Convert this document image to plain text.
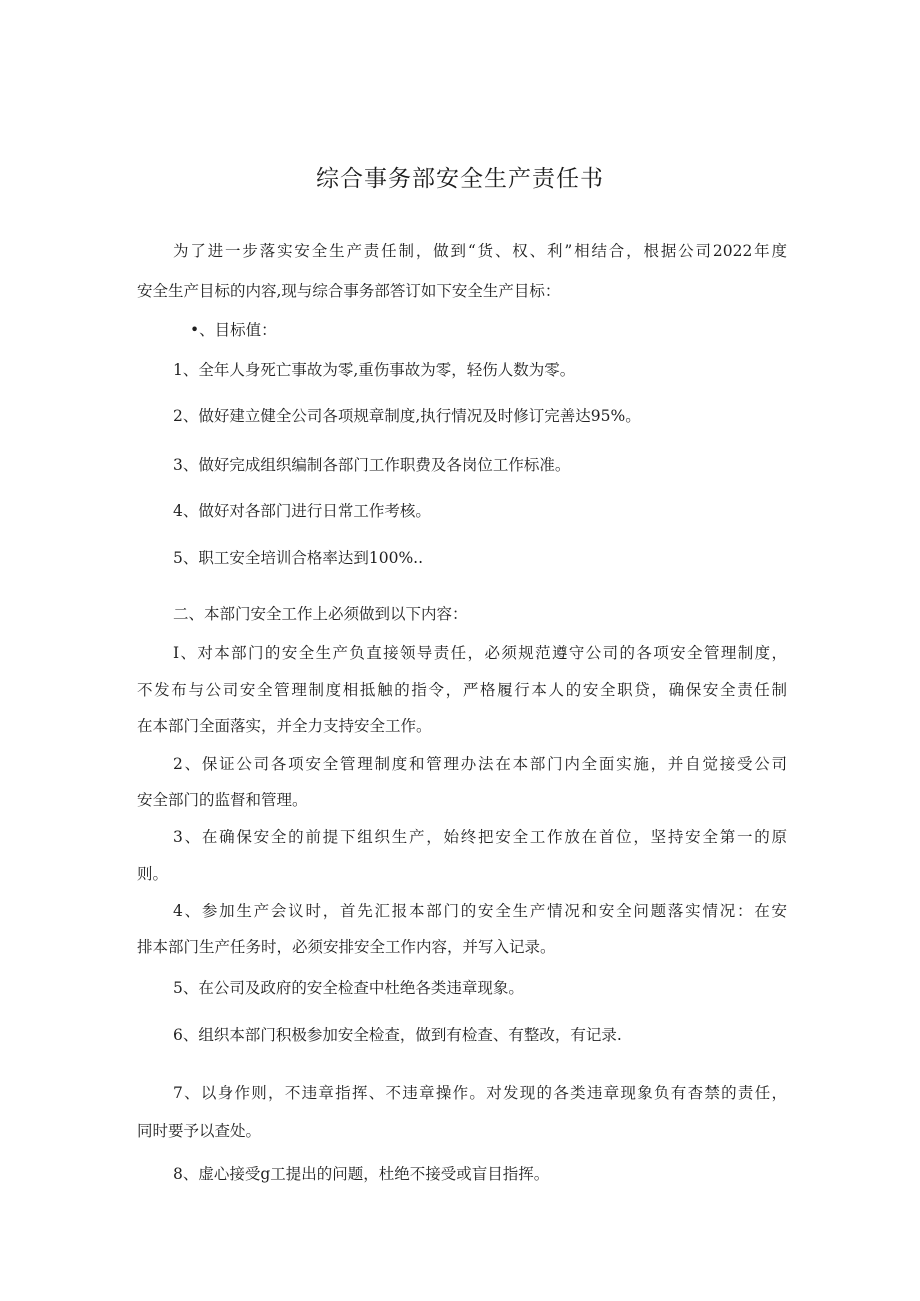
综合事务部安全生产责任书
为了进一步落实安全生产责任制，做到“货、权、利”相结合，根据公司2022年度
安全生产目标的内容,现与综合事务部答订如下安全生产目标：
•、目标值：
1、全年人身死亡事故为零,重伤事故为零，轻伤人数为零。
2、做好建立健全公司各项规章制度,执行情况及时修订完善达95%。
3、做好完成组织编制各部门工作职费及各岗位工作标准。
4、做好对各部门进行日常工作考核。
5、职工安全培训合格率达到100%..
二、本部门安全工作上必须做到以下内容：
I、对本部门的安全生产负直接领导责任，必须规范遵守公司的各项安全管理制度，
不发布与公司安全管理制度相抵触的指令，严格履行本人的安全职贷，确保安全责任制
在本部门全面落实，并全力支持安全工作。
2、保证公司各项安全管理制度和管理办法在本部门内全面实施，并自觉接受公司
安全部门的监督和管理。
3、在确保安全的前提下组织生产，始终把安全工作放在首位，坚持安全第一的原
则。
4、参加生产会议时，首先汇报本部门的安全生产情况和安全问题落实情况：在安
排本部门生产任务时，必须安排安全工作内容，并写入记录。
5、在公司及政府的安全检查中杜绝各类违章现象。
6、组织本部门积极参加安全检查，做到有检查、有整改，有记录.
7、以身作则，不违章指挥、不违章操作。对发现的各类违章现象负有杳禁的责任，
同时要予以查处。
8、虚心接受g工提出的问题，杜绝不接受或盲目指挥。
